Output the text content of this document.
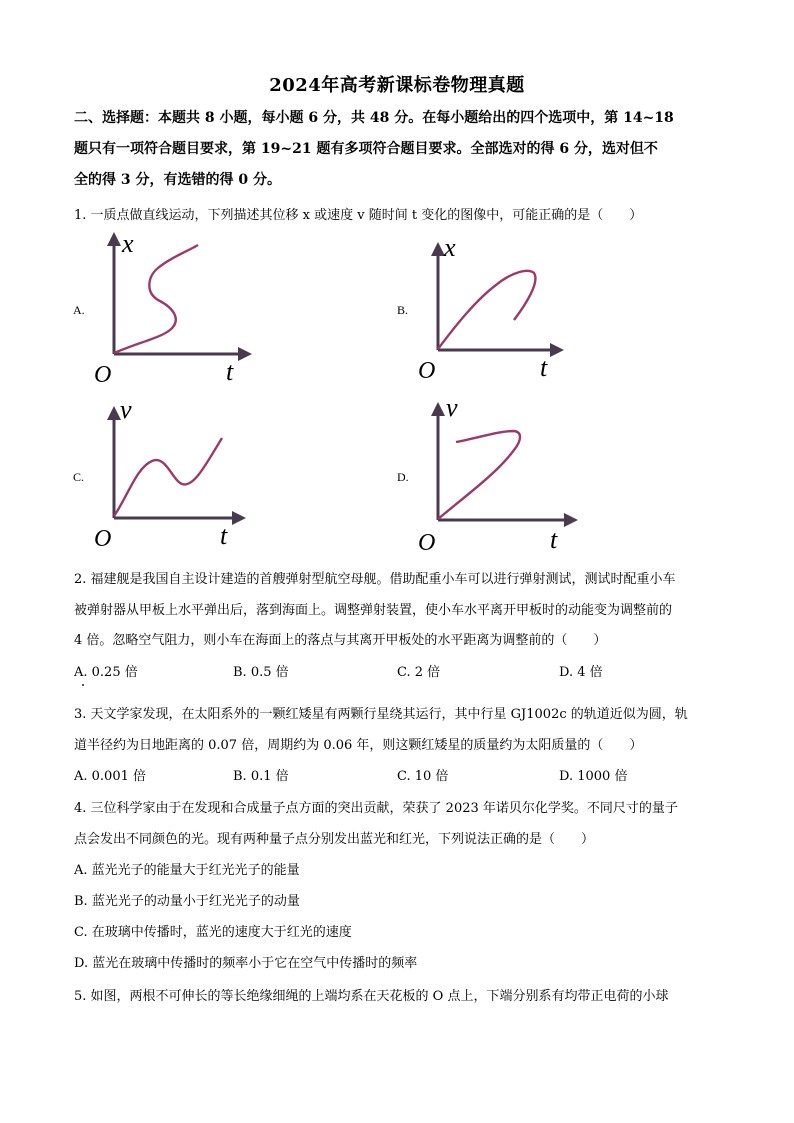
2024年高考新课标卷物理真题
二、选择题：本题共 8 小题，每小题 6 分，共 48 分。在每小题给出的四个选项中，第 14~18
题只有一项符合题目要求，第 19~21 题有多项符合题目要求。全部选对的得 6 分，选对但不
全的得 3 分，有选错的得 0 分。
1. 一质点做直线运动，下列描述其位移 x 或速度 v 随时间 t 变化的图像中，可能正确的是（　　）
A.
x
t
O
B.
x
t
O
C.
v
t
O
D.
v
t
O
2. 福建舰是我国自主设计建造的首艘弹射型航空母舰。借助配重小车可以进行弹射测试，测试时配重小车
被弹射器从甲板上水平弹出后，落到海面上。调整弹射装置，使小车水平离开甲板时的动能变为调整前的
4 倍。忽略空气阻力，则小车在海面上的落点与其离开甲板处的水平距离为调整前的（　　）
A. 0.25 倍	B. 0.5 倍	C. 2 倍	D. 4 倍
3. 天文学家发现，在太阳系外的一颗红矮星有两颗行星绕其运行，其中行星 GJ1002c 的轨道近似为圆，轨
道半径约为日地距离的 0.07 倍，周期约为 0.06 年，则这颗红矮星的质量约为太阳质量的（　　）
A. 0.001 倍	B. 0.1 倍	C. 10 倍	D. 1000 倍
4. 三位科学家由于在发现和合成量子点方面的突出贡献，荣获了 2023 年诺贝尔化学奖。不同尺寸的量子
点会发出不同颜色的光。现有两种量子点分别发出蓝光和红光，下列说法正确的是（　　）
A. 蓝光光子的能量大于红光光子的能量
B. 蓝光光子的动量小于红光光子的动量
C. 在玻璃中传播时，蓝光的速度大于红光的速度
D. 蓝光在玻璃中传播时的频率小于它在空气中传播时的频率
5. 如图，两根不可伸长的等长绝缘细绳的上端均系在天花板的 O 点上，下端分别系有均带正电荷的小球
